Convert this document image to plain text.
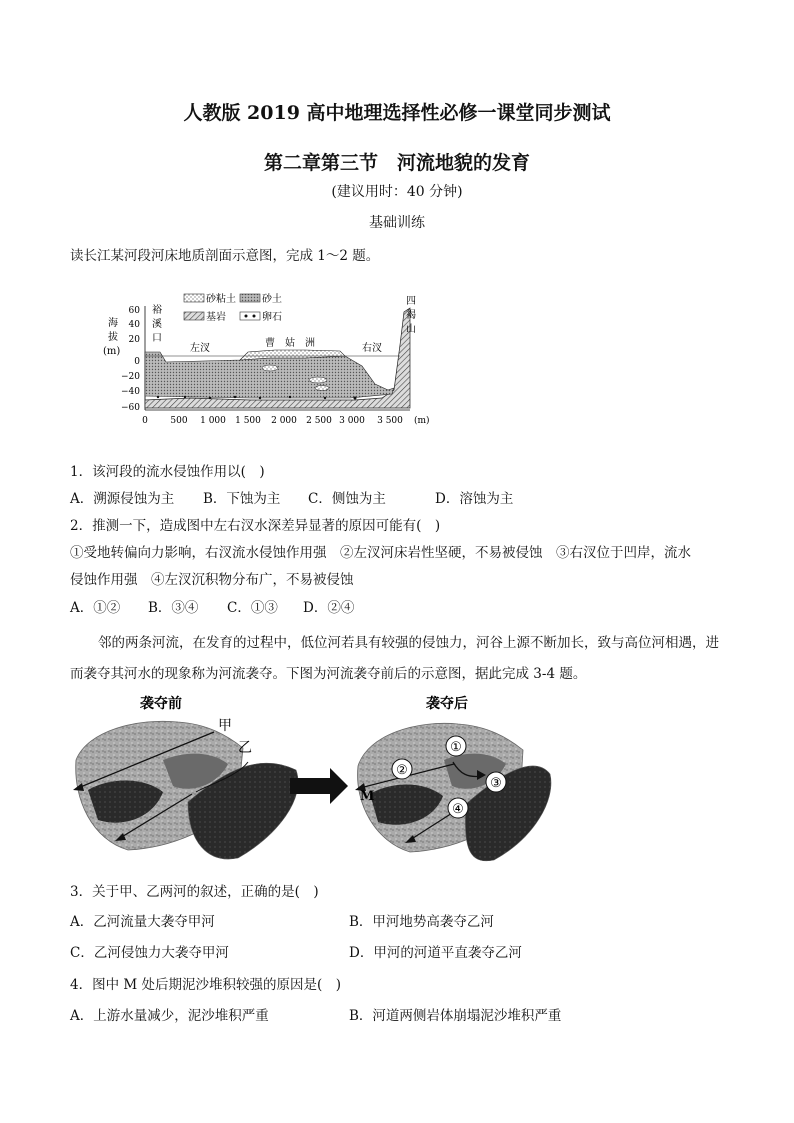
人教版 2019 高中地理选择性必修一课堂同步测试
第二章第三节　河流地貌的发育
(建议用时：40 分钟)
基础训练
读长江某河段河床地质剖面示意图，完成 1～2 题。
砂粘土	砂土
基岩	卵石
海
拔
(m)
60
40
20
0
−20
−40
−60
裕
溪
口
四
褐
山
左汊	曹　姑　洲	右汊
0	500 1 000 1 500 2 000 2 500 3 000 3 500 (m)
1．该河段的流水侵蚀作用以(　)
A．溯源侵蚀为主 B．下蚀为主 C．侧蚀为主	D．溶蚀为主
2．推测一下，造成图中左右汊水深差异显著的原因可能有(　)
①受地转偏向力影响，右汊流水侵蚀作用强　②左汊河床岩性坚硬，不易被侵蚀　③右汊位于凹岸，流水
侵蚀作用强　④左汊沉积物分布广，不易被侵蚀
A．①② B．③④ C．①③ D．②④
邻的两条河流，在发育的过程中，低位河若具有较强的侵蚀力，河谷上源不断加长，致与高位河相遇，进而袭夺其河水的现象称为河流袭夺。下图为河流袭夺前后的示意图，据此完成 3-4 题。
袭夺前
甲
乙
袭夺后
①
②
③
④
M
3．关于甲、乙两河的叙述，正确的是(　)
A．乙河流量大袭夺甲河	B．甲河地势高袭夺乙河
C．乙河侵蚀力大袭夺甲河	D．甲河的河道平直袭夺乙河
4．图中 M 处后期泥沙堆积较强的原因是(　)
A．上游水量减少，泥沙堆积严重	B．河道两侧岩体崩塌泥沙堆积严重
